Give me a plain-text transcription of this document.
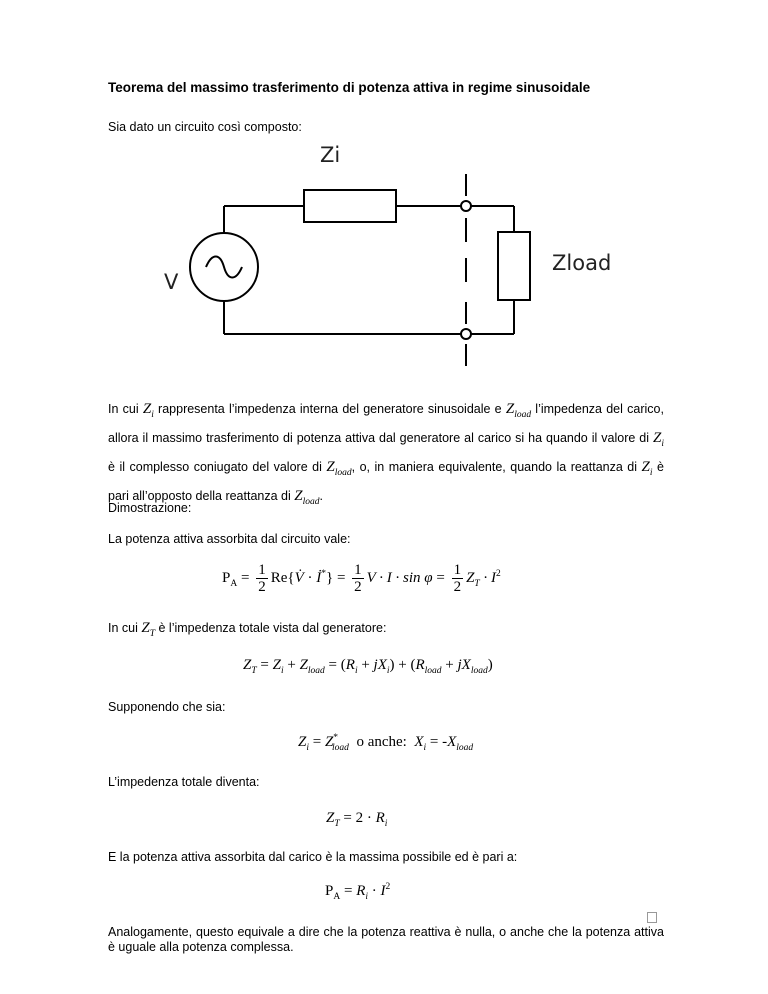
Teorema del massimo trasferimento di potenza attiva in regime sinusoidale
Sia dato un circuito così composto:
Zi
V
Zload
In cui $Z_i$ rappresenta l’impedenza interna del generatore sinusoidale e $Z_{load}$ l’impedenza del carico, allora il massimo trasferimento di potenza attiva dal generatore al carico si ha quando il valore di $Z_i$ è il complesso coniugato del valore di $Z_{load}$, o, in maniera equivalente, quando la reattanza di $Z_i$ è pari all’opposto della reattanza di $Z_{load}$.
Dimostrazione:
La potenza attiva assorbita dal circuito vale:
$P_A = \frac{1}{2}$ Re{V̇ · İ*} = $\frac{1}{2}$ $V \cdot I \cdot \sin \varphi = \frac{1}{2} Z_T \cdot I^2$
In cui $Z_T$ è l’impedenza totale vista dal generatore:
$Z_T = Z_i + Z_{load} = (R_i + jX_i) + (R_{load} + jX_{load})$
Supponendo che sia:
$Z_i = Z^*_{load}$ o anche: $X_i = -X_{load}$
L’impedenza totale diventa:
$Z_T = 2 \cdot R_i$
E la potenza attiva assorbita dal carico è la massima possibile ed è pari a:
$P_A = R_i \cdot I^2$
Analogamente, questo equivale a dire che la potenza reattiva è nulla, o anche che la potenza attiva è uguale alla potenza complessa.
